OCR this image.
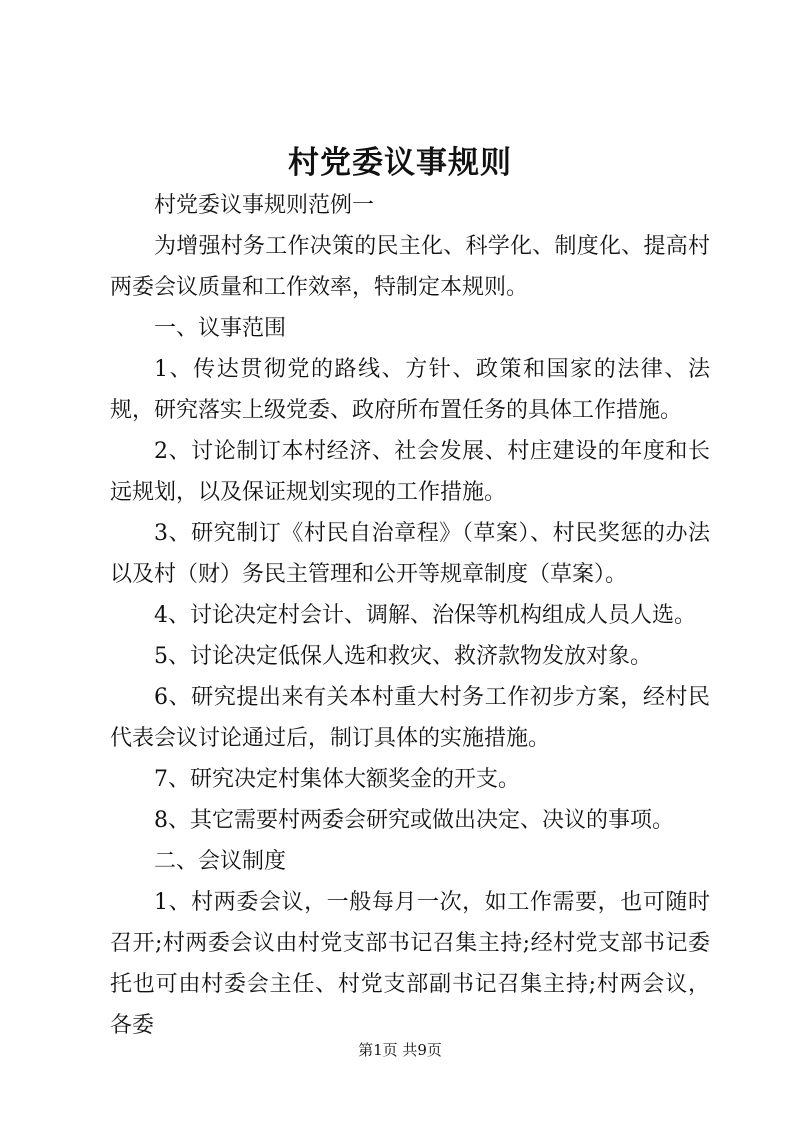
村党委议事规则

村党委议事规则范例一

为增强村务工作决策的民主化、科学化、制度化、提高村两委会议质量和工作效率，特制定本规则。

一、议事范围

1、传达贯彻党的路线、方针、政策和国家的法律、法规，研究落实上级党委、政府所布置任务的具体工作措施。

2、讨论制订本村经济、社会发展、村庄建设的年度和长远规划，以及保证规划实现的工作措施。

3、研究制订《村民自治章程》（草案）、村民奖惩的办法以及村（财）务民主管理和公开等规章制度（草案）。

4、讨论决定村会计、调解、治保等机构组成人员人选。

5、讨论决定低保人选和救灾、救济款物发放对象。

6、研究提出来有关本村重大村务工作初步方案，经村民代表会议讨论通过后，制订具体的实施措施。

7、研究决定村集体大额奖金的开支。

8、其它需要村两委会研究或做出决定、决议的事项。

二、会议制度

1、村两委会议，一般每月一次，如工作需要，也可随时召开;村两委会议由村党支部书记召集主持;经村党支部书记委托也可由村委会主任、村党支部副书记召集主持;村两会议，各委

第1页 共9页
